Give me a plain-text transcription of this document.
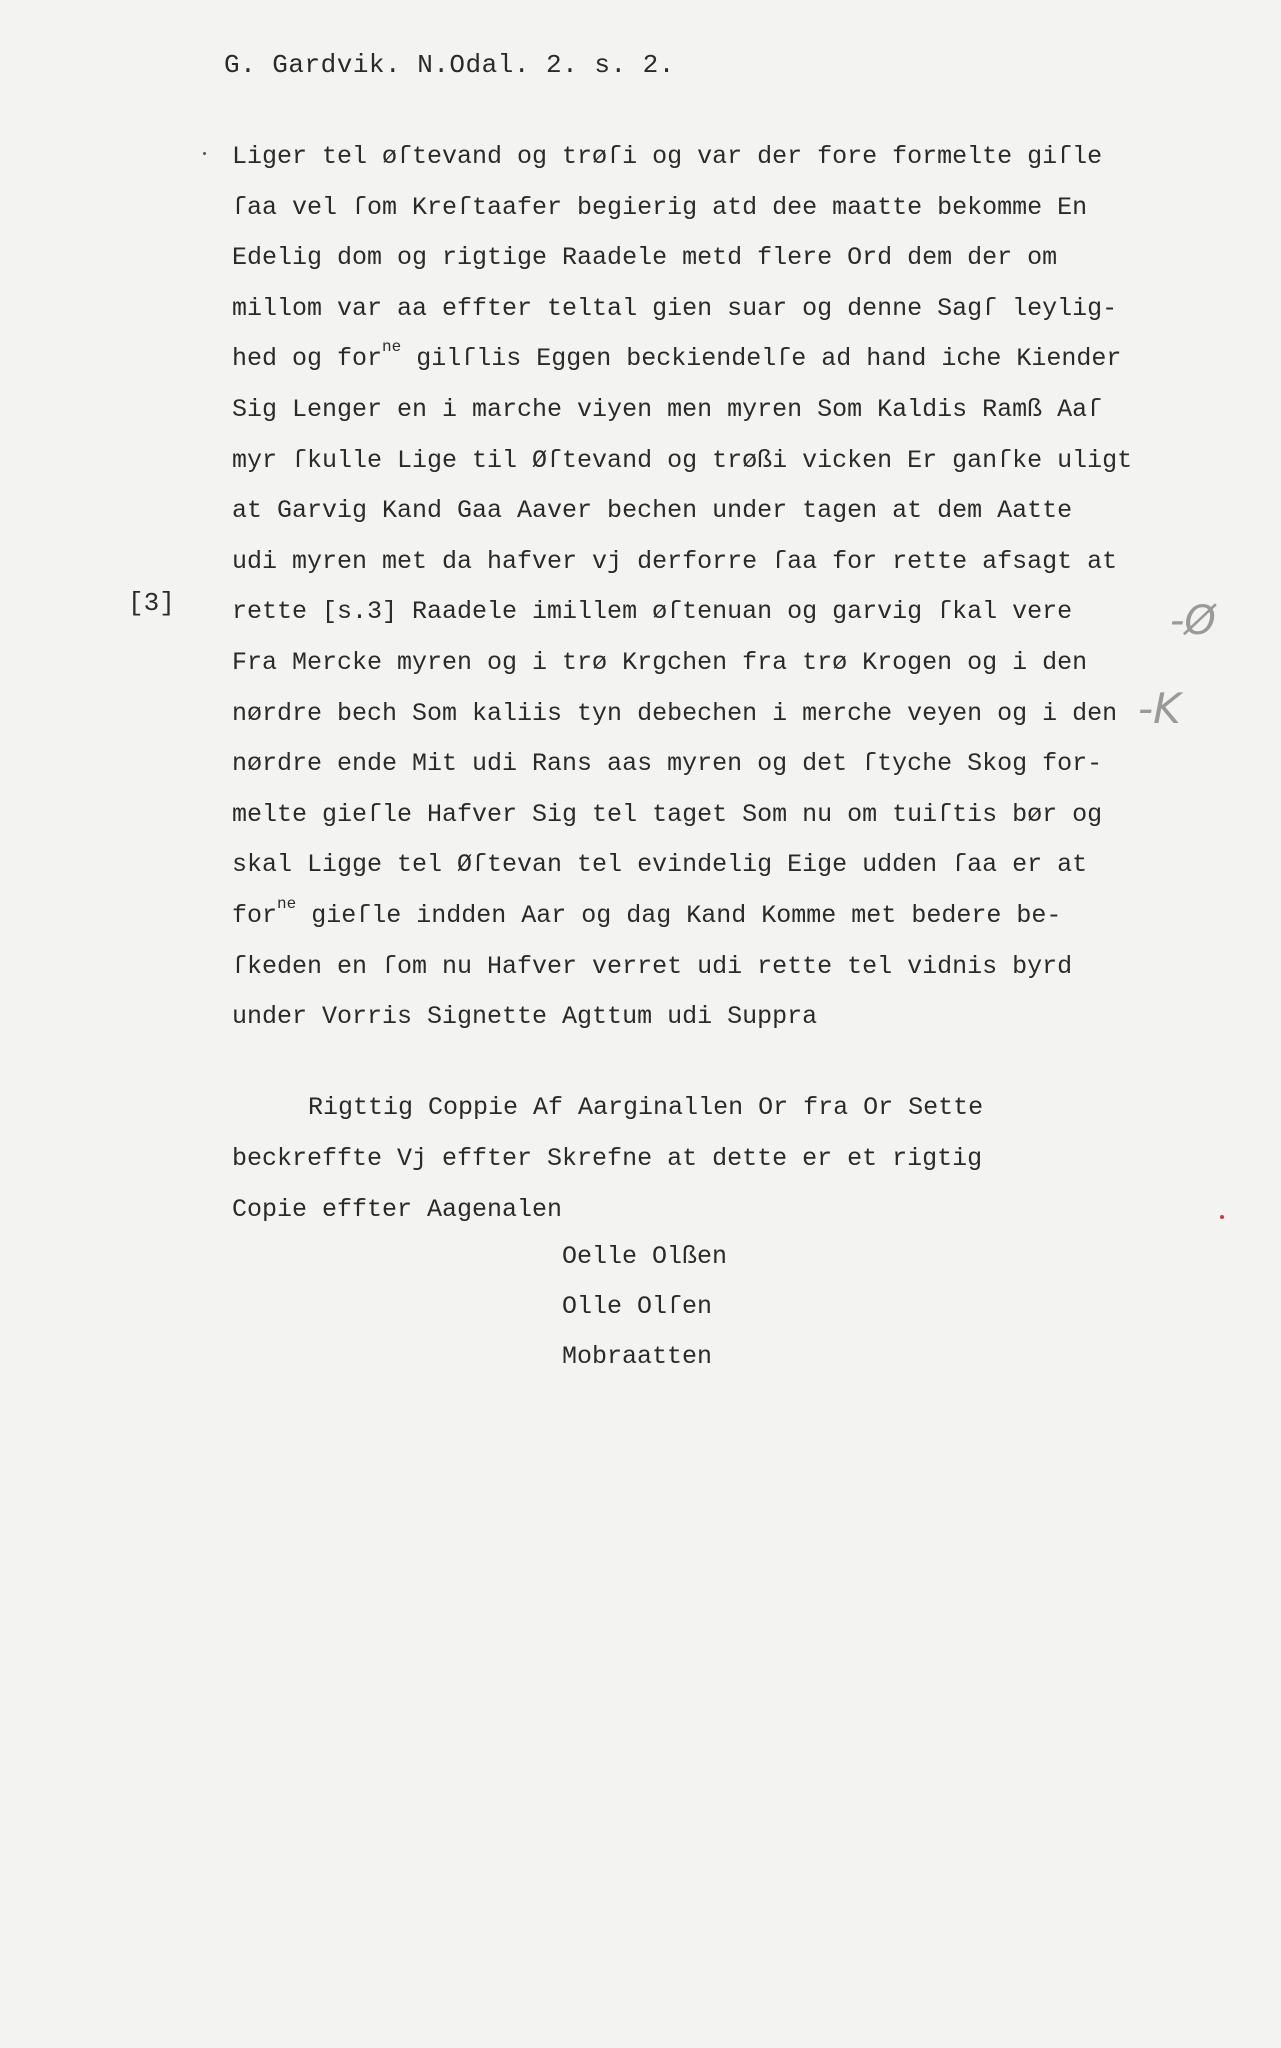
G. Gardvik. N.Odal. 2. s. 2.
[3]
Liger tel øſtevand og trøſi og var der fore formelte giſle
ſaa vel ſom Kreſtaafer begierig atd dee maatte bekomme En
Edelig dom og rigtige Raadele metd flere Ord dem der om
millom var aa effter teltal gien suar og denne Sagſ leylig-
hed og for$^{ne}$ gilſlis Eggen beckiendelſe ad hand iche Kiender
Sig Lenger en i marche viyen men myren Som Kaldis Ramß Aaſ
myr ſkulle Lige til Øſtevand og trøßi vicken Er ganſke uligt
at Garvig Kand Gaa Aaver bechen under tagen at dem Aatte
udi myren met da hafver vj derforre ſaa for rette afsagt at
rette [s.3] Raadele imillem øſtenuan og garvig ſkal vere
Fra Mercke myren og i trø Krgchen fra trø Krogen og i den
nørdre bech Som kaliis tyn debechen i merche veyen og i den
nørdre ende Mit udi Rans aas myren og det ſtyche Skog for-
melte gieſle Hafver Sig tel taget Som nu om tuiſtis bør og
skal Ligge tel Øſtevan tel evindelig Eige udden ſaa er at
for$^{ne}$ gieſle indden Aar og dag Kand Komme met bedere be-
ſkeden en ſom nu Hafver verret udi rette tel vidnis byrd
under Vorris Signette Agttum udi Suppra
Rigttig Coppie Af Aarginallen Or fra Or Sette
beckreffte Vj effter Skrefne at dette er et rigtig
Copie effter Aagenalen
Oelle Olßen
Olle Olſen
Mobraatten
-Ø
-K
